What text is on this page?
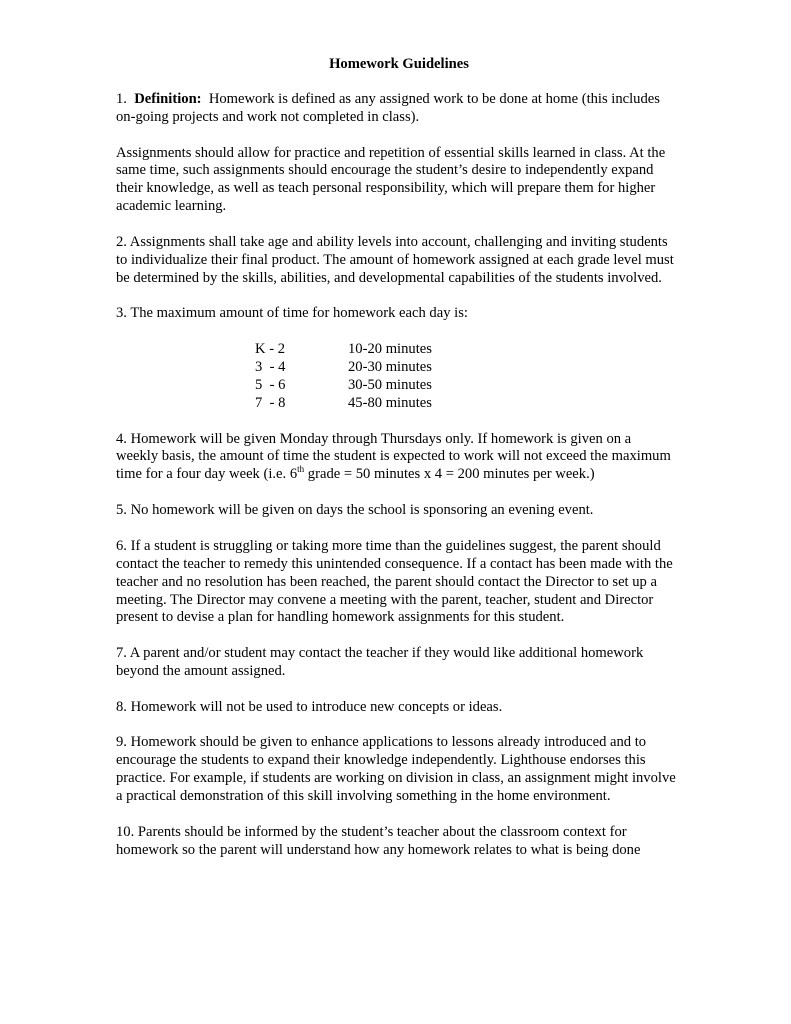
Homework Guidelines

1. Definition: Homework is defined as any assigned work to be done at home (this includes on-going projects and work not completed in class).

Assignments should allow for practice and repetition of essential skills learned in class. At the same time, such assignments should encourage the student’s desire to independently expand their knowledge, as well as teach personal responsibility, which will prepare them for higher academic learning.

2. Assignments shall take age and ability levels into account, challenging and inviting students to individualize their final product. The amount of homework assigned at each grade level must be determined by the skills, abilities, and developmental capabilities of the students involved.

3. The maximum amount of time for homework each day is:

K - 2	10-20 minutes
3  - 4	20-30 minutes
5  - 6	30-50 minutes
7  - 8	45-80 minutes

4. Homework will be given Monday through Thursdays only. If homework is given on a weekly basis, the amount of time the student is expected to work will not exceed the maximum time for a four day week (i.e. 6th grade = 50 minutes x 4 = 200 minutes per week.)

5. No homework will be given on days the school is sponsoring an evening event.

6. If a student is struggling or taking more time than the guidelines suggest, the parent should contact the teacher to remedy this unintended consequence. If a contact has been made with the teacher and no resolution has been reached, the parent should contact the Director to set up a meeting. The Director may convene a meeting with the parent, teacher, student and Director present to devise a plan for handling homework assignments for this student.

7. A parent and/or student may contact the teacher if they would like additional homework beyond the amount assigned.

8. Homework will not be used to introduce new concepts or ideas.

9. Homework should be given to enhance applications to lessons already introduced and to encourage the students to expand their knowledge independently. Lighthouse endorses this practice. For example, if students are working on division in class, an assignment might involve a practical demonstration of this skill involving something in the home environment.

10. Parents should be informed by the student’s teacher about the classroom context for homework so the parent will understand how any homework relates to what is being done
